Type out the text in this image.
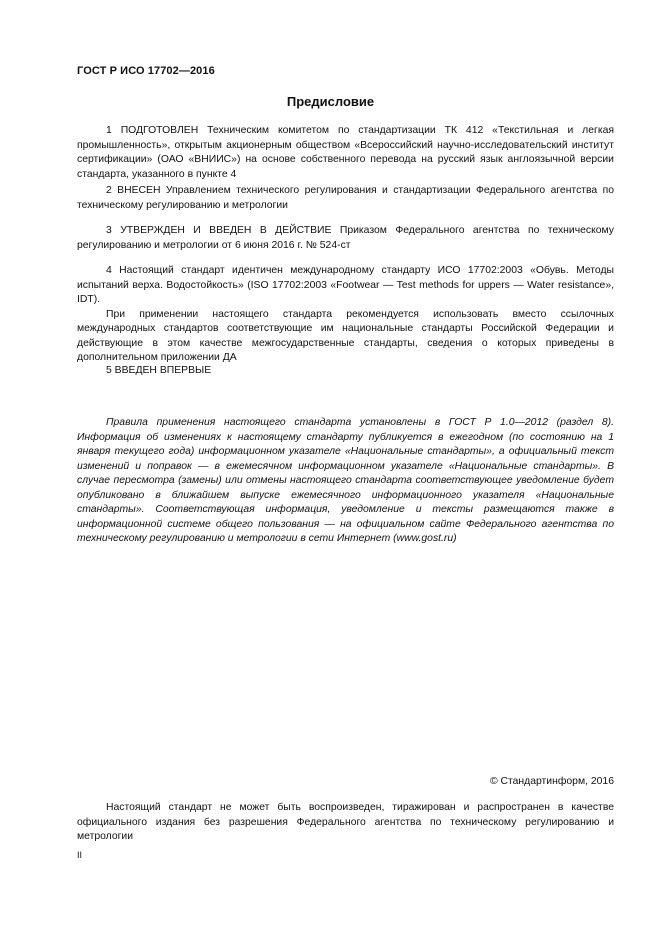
ГОСТ Р ИСО 17702—2016
Предисловие

1 ПОДГОТОВЛЕН Техническим комитетом по стандартизации ТК 412 «Текстильная и легкая промышленность», открытым акционерным обществом «Всероссийский научно-исследовательский институт сертификации» (ОАО «ВНИИС») на основе собственного перевода на русский язык англоязычной версии стандарта, указанного в пункте 4

2 ВНЕСЕН Управлением технического регулирования и стандартизации Федерального агентства по техническому регулированию и метрологии

3 УТВЕРЖДЕН И ВВЕДЕН В ДЕЙСТВИЕ Приказом Федерального агентства по техническому регулированию и метрологии от 6 июня 2016 г. № 524-ст

4 Настоящий стандарт идентичен международному стандарту ИСО 17702:2003 «Обувь. Методы испытаний верха. Водостойкость» (ISO 17702:2003 «Footwear — Test methods for uppers — Water resistance», IDT).

При применении настоящего стандарта рекомендуется использовать вместо ссылочных международных стандартов соответствующие им национальные стандарты Российской Федерации и действующие в этом качестве межгосударственные стандарты, сведения о которых приведены в дополнительном приложении ДА

5 ВВЕДЕН ВПЕРВЫЕ

Правила применения настоящего стандарта установлены в ГОСТ Р 1.0—2012 (раздел 8). Информация об изменениях к настоящему стандарту публикуется в ежегодном (по состоянию на 1 января текущего года) информационном указателе «Национальные стандарты», а официальный текст изменений и поправок — в ежемесячном информационном указателе «Национальные стандарты». В случае пересмотра (замены) или отмены настоящего стандарта соответствующее уведомление будет опубликовано в ближайшем выпуске ежемесячного информационного указателя «Национальные стандарты». Соответствующая информация, уведомление и тексты размещаются также в информационной системе общего пользования — на официальном сайте Федерального агентства по техническому регулированию и метрологии в сети Интернет (www.gost.ru)

© Стандартинформ, 2016

Настоящий стандарт не может быть воспроизведен, тиражирован и распространен в качестве официального издания без разрешения Федерального агентства по техническому регулированию и метрологии

II
